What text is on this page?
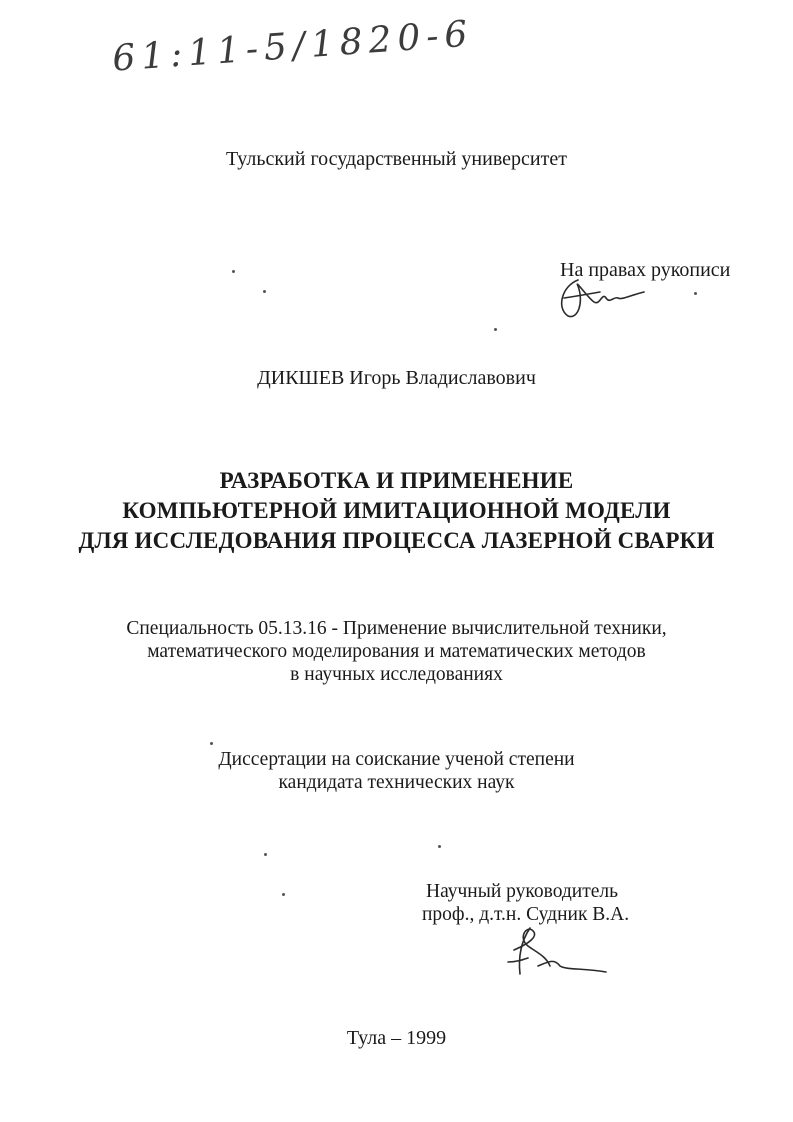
61:11-5/1820-6
Тульский государственный университет
На правах рукописи
ДИКШЕВ Игорь Владиславович
РАЗРАБОТКА И ПРИМЕНЕНИЕ
КОМПЬЮТЕРНОЙ ИМИТАЦИОННОЙ МОДЕЛИ
ДЛЯ ИССЛЕДОВАНИЯ ПРОЦЕССА ЛАЗЕРНОЙ СВАРКИ
Специальность 05.13.16 - Применение вычислительной техники,
математического моделирования и математических методов
в научных исследованиях
Диссертации на соискание ученой степени
кандидата технических наук
Научный руководитель
проф., д.т.н. Судник В.А.
Тула – 1999
